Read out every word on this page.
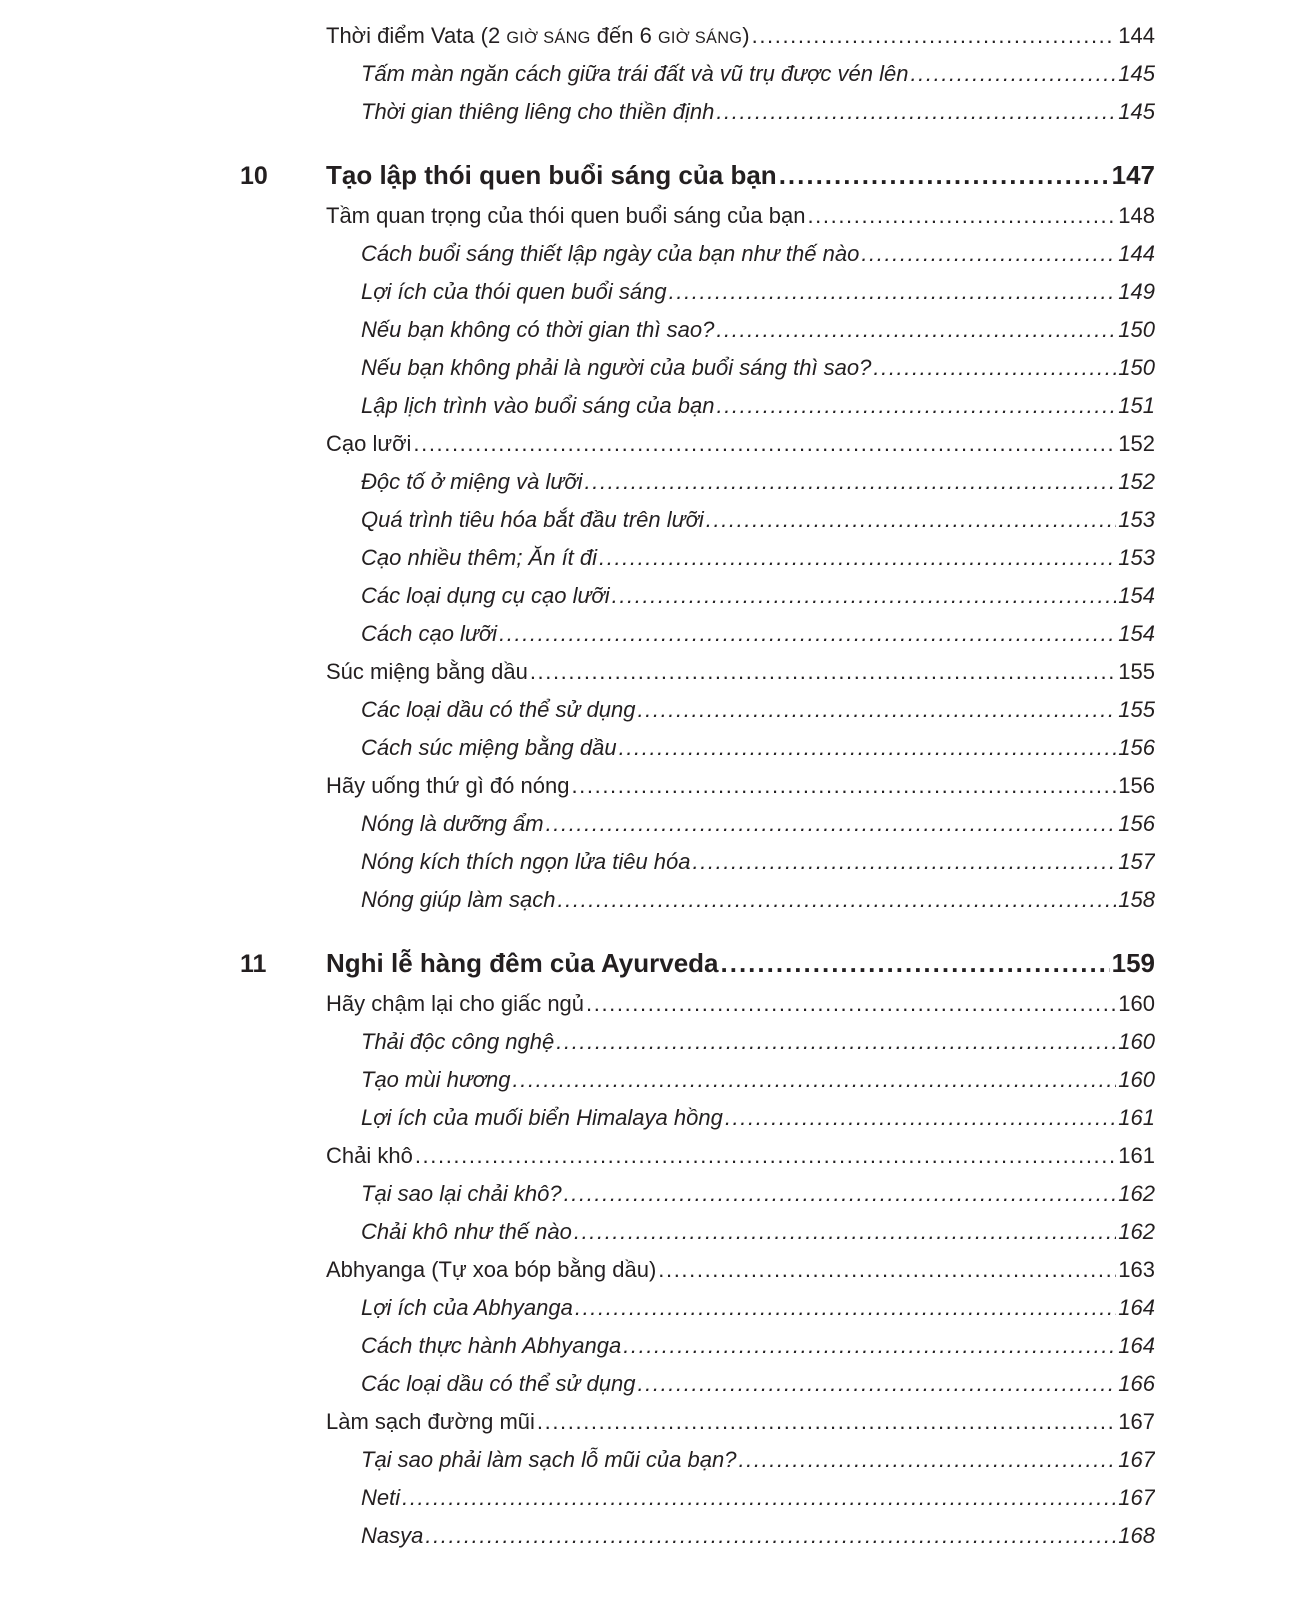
Thời điểm Vata (2 GIỜ SÁNG đến 6 GIỜ SÁNG) .....	144
Tấm màn ngăn cách giữa trái đất và vũ trụ được vén lên .....	145
Thời gian thiêng liêng cho thiền định .....	145
10 Tạo lập thói quen buổi sáng của bạn .....	147
Tầm quan trọng của thói quen buổi sáng của bạn .....	148
Cách buổi sáng thiết lập ngày của bạn như thế nào .....	144
Lợi ích của thói quen buổi sáng .....	149
Nếu bạn không có thời gian thì sao? .....	150
Nếu bạn không phải là người của buổi sáng thì sao? .....	150
Lập lịch trình vào buổi sáng của bạn .....	151
Cạo lưỡi .....	152
Độc tố ở miệng và lưỡi .....	152
Quá trình tiêu hóa bắt đầu trên lưỡi .....	153
Cạo nhiều thêm; Ăn ít đi .....	153
Các loại dụng cụ cạo lưỡi .....	154
Cách cạo lưỡi .....	154
Súc miệng bằng dầu .....	155
Các loại dầu có thể sử dụng .....	155
Cách súc miệng bằng dầu .....	156
Hãy uống thứ gì đó nóng .....	156
Nóng là dưỡng ẩm .....	156
Nóng kích thích ngọn lửa tiêu hóa .....	157
Nóng giúp làm sạch .....	158
11 Nghi lễ hàng đêm của Ayurveda .....	159
Hãy chậm lại cho giấc ngủ .....	160
Thải độc công nghệ .....	160
Tạo mùi hương .....	160
Lợi ích của muối biển Himalaya hồng .....	161
Chải khô .....	161
Tại sao lại chải khô? .....	162
Chải khô như thế nào .....	162
Abhyanga (Tự xoa bóp bằng dầu) .....	163
Lợi ích của Abhyanga .....	164
Cách thực hành Abhyanga .....	164
Các loại dầu có thể sử dụng .....	166
Làm sạch đường mũi .....	167
Tại sao phải làm sạch lỗ mũi của bạn? .....	167
Neti .....	167
Nasya .....	168
